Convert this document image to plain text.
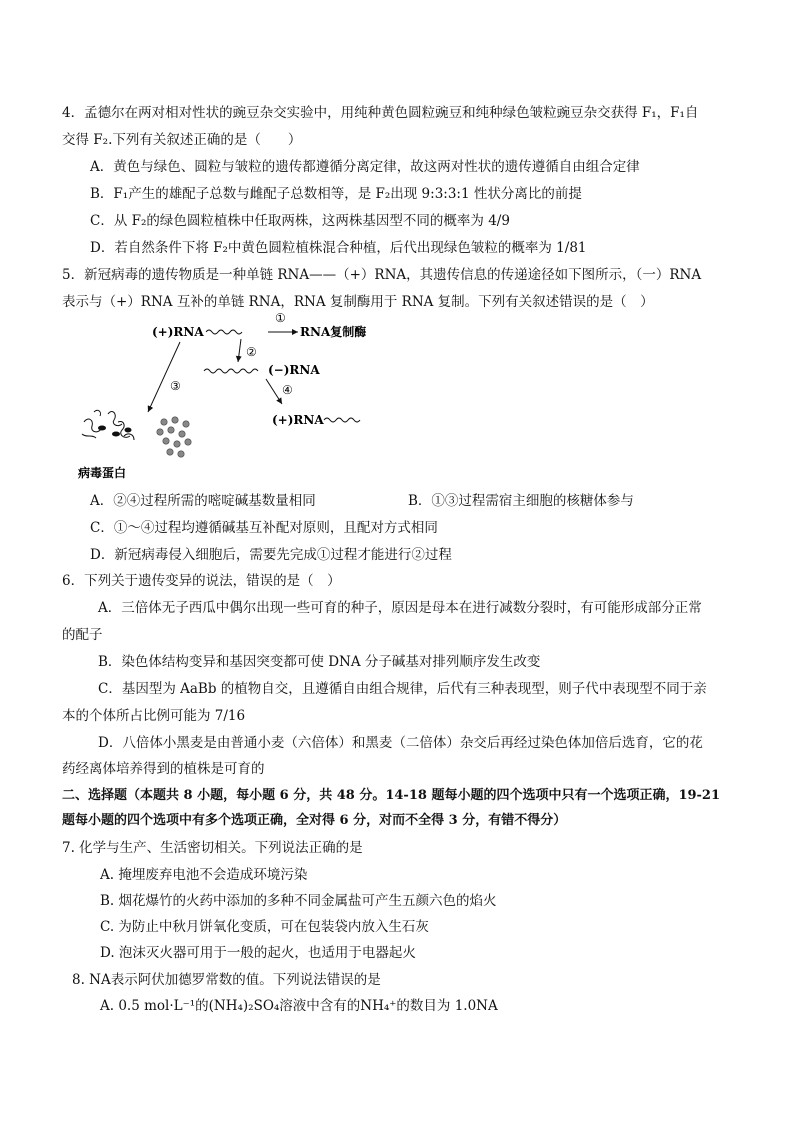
4．孟德尔在两对相对性状的豌豆杂交实验中，用纯种黄色圆粒豌豆和纯种绿色皱粒豌豆杂交获得 F₁，F₁自
交得 F₂.下列有关叙述正确的是（　　）
A．黄色与绿色、圆粒与皱粒的遗传都遵循分离定律，故这两对性状的遗传遵循自由组合定律
B．F₁产生的雄配子总数与雌配子总数相等，是 F₂出现 9:3:3:1 性状分离比的前提
C．从 F₂的绿色圆粒植株中任取两株，这两株基因型不同的概率为 4/9
D．若自然条件下将 F₂中黄色圆粒植株混合种植，后代出现绿色皱粒的概率为 1/81
5．新冠病毒的遗传物质是一种单链 RNA——（+）RNA，其遗传信息的传递途径如下图所示，（一）RNA
表示与（+）RNA 互补的单链 RNA，RNA 复制酶用于 RNA 复制。下列有关叙述错误的是（　）
(+)RNA
①
RNA复制酶
②
(−)RNA
④
(+)RNA
③
病毒蛋白
A．②④过程所需的嘧啶碱基数量相同	B．①③过程需宿主细胞的核糖体参与
C．①～④过程均遵循碱基互补配对原则，且配对方式相同
D．新冠病毒侵入细胞后，需要先完成①过程才能进行②过程
6．下列关于遗传变异的说法，错误的是（　）
A．三倍体无子西瓜中偶尔出现一些可育的种子，原因是母本在进行减数分裂时，有可能形成部分正常
的配子
B．染色体结构变异和基因突变都可使 DNA 分子碱基对排列顺序发生改变
C．基因型为 AaBb 的植物自交，且遵循自由组合规律，后代有三种表现型，则子代中表现型不同于亲
本的个体所占比例可能为 7/16
D．八倍体小黑麦是由普通小麦（六倍体）和黑麦（二倍体）杂交后再经过染色体加倍后选育，它的花
药经离体培养得到的植株是可育的
二、选择题（本题共 8 小题，每小题 6 分，共 48 分。14-18 题每小题的四个选项中只有一个选项正确，19-21
题每小题的四个选项中有多个选项正确，全对得 6 分，对而不全得 3 分，有错不得分）
7. 化学与生产、生活密切相关。下列说法正确的是
A. 掩埋废弃电池不会造成环境污染
B. 烟花爆竹的火药中添加的多种不同金属盐可产生五颜六色的焰火
C. 为防止中秋月饼氧化变质，可在包装袋内放入生石灰
D. 泡沫灭火器可用于一般的起火，也适用于电器起火
8. NA表示阿伏加德罗常数的值。下列说法错误的是
A. 0.5 mol·L⁻¹的(NH₄)₂SO₄溶液中含有的NH₄⁺的数目为 1.0NA
